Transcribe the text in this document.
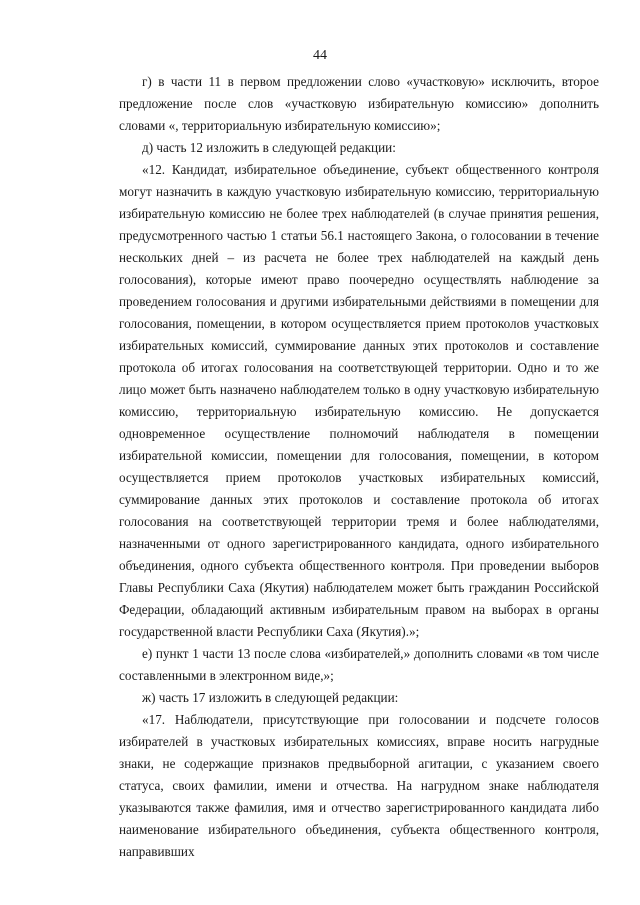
44

г) в части 11 в первом предложении слово «участковую» исключить, второе предложение после слов «участковую избирательную комиссию» дополнить словами «, территориальную избирательную комиссию»;

д) часть 12 изложить в следующей редакции:

«12. Кандидат, избирательное объединение, субъект общественного контроля могут назначить в каждую участковую избирательную комиссию, территориальную избирательную комиссию не более трех наблюдателей (в случае принятия решения, предусмотренного частью 1 статьи 56.1 настоящего Закона, о голосовании в течение нескольких дней – из расчета не более трех наблюдателей на каждый день голосования), которые имеют право поочередно осуществлять наблюдение за проведением голосования и другими избирательными действиями в помещении для голосования, помещении, в котором осуществляется прием протоколов участковых избирательных комиссий, суммирование данных этих протоколов и составление протокола об итогах голосования на соответствующей территории. Одно и то же лицо может быть назначено наблюдателем только в одну участковую избирательную комиссию, территориальную избирательную комиссию. Не допускается одновременное осуществление полномочий наблюдателя в помещении избирательной комиссии, помещении для голосования, помещении, в котором осуществляется прием протоколов участковых избирательных комиссий, суммирование данных этих протоколов и составление протокола об итогах голосования на соответствующей территории тремя и более наблюдателями, назначенными от одного зарегистрированного кандидата, одного избирательного объединения, одного субъекта общественного контроля. При проведении выборов Главы Республики Саха (Якутия) наблюдателем может быть гражданин Российской Федерации, обладающий активным избирательным правом на выборах в органы государственной власти Республики Саха (Якутия).»;

е) пункт 1 части 13 после слова «избирателей,» дополнить словами «в том числе составленными в электронном виде,»;

ж) часть 17 изложить в следующей редакции:

«17. Наблюдатели, присутствующие при голосовании и подсчете голосов избирателей в участковых избирательных комиссиях, вправе носить нагрудные знаки, не содержащие признаков предвыборной агитации, с указанием своего статуса, своих фамилии, имени и отчества. На нагрудном знаке наблюдателя указываются также фамилия, имя и отчество зарегистрированного кандидата либо наименование избирательного объединения, субъекта общественного контроля, направивших
